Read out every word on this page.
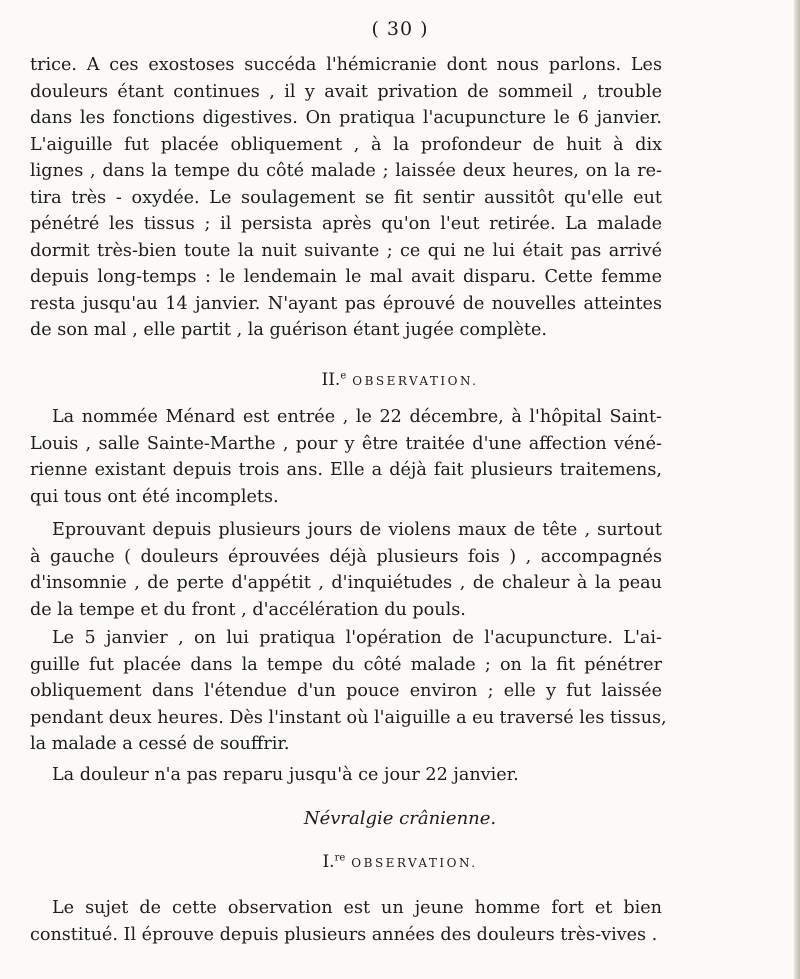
( 30 )
trice. A ces exostoses succéda l'hémicranie dont nous parlons. Les
douleurs étant continues , il y avait privation de sommeil , trouble
dans les fonctions digestives. On pratiqua l'acupuncture le 6 janvier.
L'aiguille fut placée obliquement , à la profondeur de huit à dix
lignes , dans la tempe du côté malade ; laissée deux heures, on la re-
tira très - oxydée. Le soulagement se fit sentir aussitôt qu'elle eut
pénétré les tissus ; il persista après qu'on l'eut retirée. La malade
dormit très-bien toute la nuit suivante ; ce qui ne lui était pas arrivé
depuis long-temps : le lendemain le mal avait disparu. Cette femme
resta jusqu'au 14 janvier. N'ayant pas éprouvé de nouvelles atteintes
de son mal , elle partit , la guérison étant jugée complète.
II.$^e$ OBSERVATION.
La nommée Ménard est entrée , le 22 décembre, à l'hôpital Saint-
Louis , salle Sainte-Marthe , pour y être traitée d'une affection véné-
rienne existant depuis trois ans. Elle a déjà fait plusieurs traitemens,
qui tous ont été incomplets.
Eprouvant depuis plusieurs jours de violens maux de tête , surtout
à gauche ( douleurs éprouvées déjà plusieurs fois ) , accompagnés
d'insomnie , de perte d'appétit , d'inquiétudes , de chaleur à la peau
de la tempe et du front , d'accélération du pouls.
Le 5 janvier , on lui pratiqua l'opération de l'acupuncture. L'ai-
guille fut placée dans la tempe du côté malade ; on la fit pénétrer
obliquement dans l'étendue d'un pouce environ ; elle y fut laissée
pendant deux heures. Dès l'instant où l'aiguille a eu traversé les tissus,
la malade a cessé de souffrir.
La douleur n'a pas reparu jusqu'à ce jour 22 janvier.
Névralgie crânienne.
I.$^{re}$ OBSERVATION.
Le sujet de cette observation est un jeune homme fort et bien
constitué. Il éprouve depuis plusieurs années des douleurs très-vives .
